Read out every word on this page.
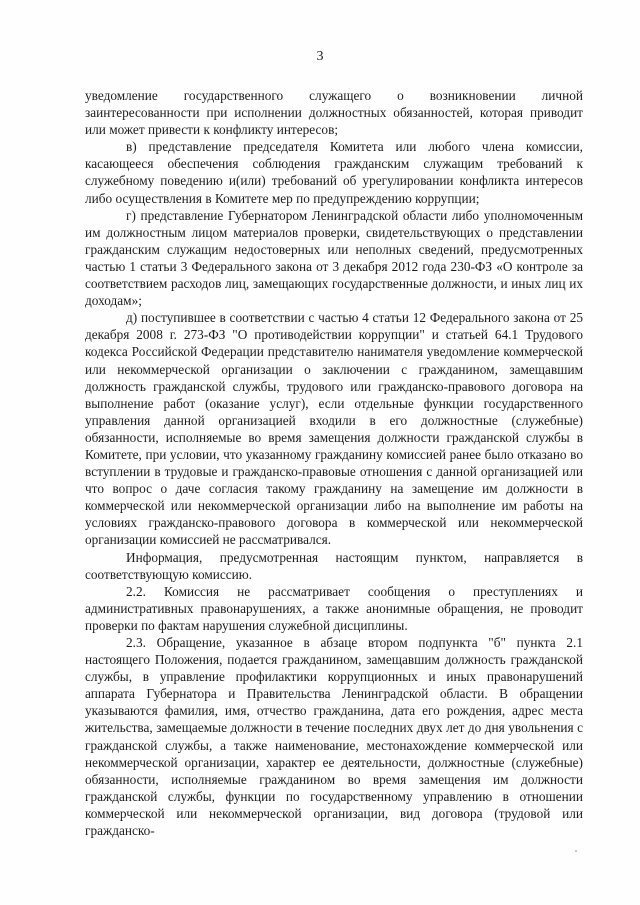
3

уведомление государственного служащего о возникновении личной заинтересованности при исполнении должностных обязанностей, которая приводит или может привести к конфликту интересов;

в) представление председателя Комитета или любого члена комиссии, касающееся обеспечения соблюдения гражданским служащим требований к служебному поведению и(или) требований об урегулировании конфликта интересов либо осуществления в Комитете мер по предупреждению коррупции;

г) представление Губернатором Ленинградской области либо уполномоченным им должностным лицом материалов проверки, свидетельствующих о представлении гражданским служащим недостоверных или неполных сведений, предусмотренных частью 1 статьи 3 Федерального закона от 3 декабря 2012 года 230-ФЗ «О контроле за соответствием расходов лиц, замещающих государственные должности, и иных лиц их доходам»;

д) поступившее в соответствии с частью 4 статьи 12 Федерального закона от 25 декабря 2008 г. 273-ФЗ "О противодействии коррупции" и статьей 64.1 Трудового кодекса Российской Федерации представителю нанимателя уведомление коммерческой или некоммерческой организации о заключении с гражданином, замещавшим должность гражданской службы, трудового или гражданско-правового договора на выполнение работ (оказание услуг), если отдельные функции государственного управления данной организацией входили в его должностные (служебные) обязанности, исполняемые во время замещения должности гражданской службы в Комитете, при условии, что указанному гражданину комиссией ранее было отказано во вступлении в трудовые и гражданско-правовые отношения с данной организацией или что вопрос о даче согласия такому гражданину на замещение им должности в коммерческой или некоммерческой организации либо на выполнение им работы на условиях гражданско-правового договора в коммерческой или некоммерческой организации комиссией не рассматривался.

Информация, предусмотренная настоящим пунктом, направляется в соответствующую комиссию.

2.2. Комиссия не рассматривает сообщения о преступлениях и административных правонарушениях, а также анонимные обращения, не проводит проверки по фактам нарушения служебной дисциплины.

2.3. Обращение, указанное в абзаце втором подпункта "б" пункта 2.1 настоящего Положения, подается гражданином, замещавшим должность гражданской службы, в управление профилактики коррупционных и иных правонарушений аппарата Губернатора и Правительства Ленинградской области. В обращении указываются фамилия, имя, отчество гражданина, дата его рождения, адрес места жительства, замещаемые должности в течение последних двух лет до дня увольнения с гражданской службы, а также наименование, местонахождение коммерческой или некоммерческой организации, характер ее деятельности, должностные (служебные) обязанности, исполняемые гражданином во время замещения им должности гражданской службы, функции по государственному управлению в отношении коммерческой или некоммерческой организации, вид договора (трудовой или гражданско-
